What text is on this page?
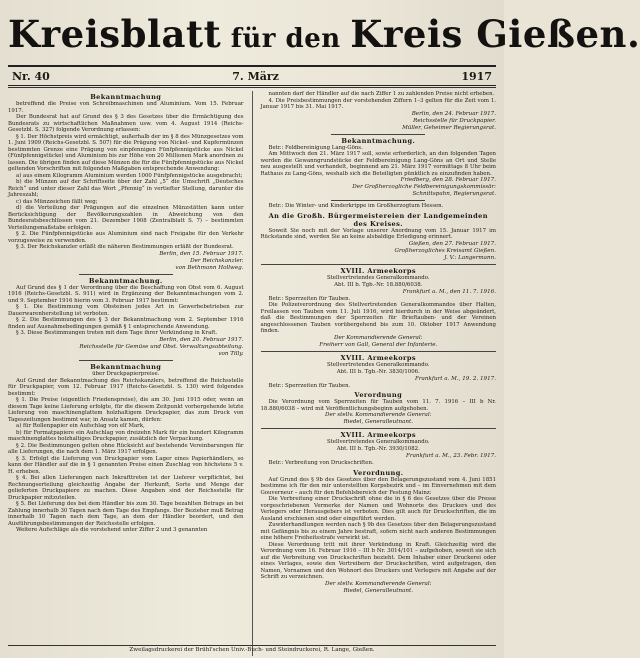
Kreisblatt für den Kreis Gießen.
Nr. 40	7. März	1917
Bekanntmachung

betreffend die Preise von Schreibmaschinen und Aluminium. Vom 15. Februar 1917.

Der Bundesrat hat auf Grund des § 3 des Gesetzes über die Ermächtigung des Bundesrats zu wirtschaftlichen Maßnahmen usw. vom 4. August 1914 (Reichs-Gesetzbl. S. 327) folgende Verordnung erlassen:

§ 1. Der Höchstpreis wird ermächtigt, außerhalb der im § 8 des Münzgesetzes vom 1. Juni 1909 (Reichs-Gesetzbl. S. 507) für die Prägung von Nickel- und Kupfermünzen bestimmten Grenze eine Prägung von einpfennigen Fünfpfennigstücke aus Nickel (Fünfpfennigstücke) und Aluminium bis zur Höhe von 20 Millionen Mark anordnen zu lassen. Die übrigen finden auf diese Münzen die für die Fünfpfennigstücke aus Nickel geltenden Vorschriften mit folgenden Maßgaben entsprechende Anwendung:

a) aus einem Kilogramm Aluminium werden 1000 Fünfpfennigstücke ausgebracht;

b) die Münzen auf der Schriftseite über der Zahl „5“ die Umschrift „Deutsches Reich“ und unter dieser Zahl das Wort „Pfennig“ in vertiefter Stellung, darunter die Jahreszahl;

c) das Münzzeichen fällt weg;

d) die Verteilung der Prägungen auf die einzelnen Münzstätten kann unter Berücksichtigung der Bevölkerungszahlen in Abweichung von den Bundesratsbeschlüssen vom 21. Dezember 1908 (Zentralblatt S. 7) – bestimmten Verteilungsmaßstabe erfolgen.

§ 2. Die Fünfpfennigstücke aus Aluminium sind nach Freigabe für den Verkehr vorzugsweise zu verwenden.

§ 3. Der Reichskanzler erläßt die näheren Bestimmungen erläßt der Bundesrat.

Berlin, den 15. Februar 1917.
Der Reichskanzler.
von Bethmann Hollweg.
Bekanntmachung.

Auf Grund des § 1 der Verordnung über die Beschaffung von Obst vom 6. August 1916 (Reichs-Gesetzbl. S. 911) wird in Ergänzung der Bekanntmachungen vom 2. und 9. September 1916 hierin vom 3. Februar 1917 bestimmt:

§ 1. Die Bestimmung vom Obsteinen jedes Art in Gewerbebetrieben zur Dauerwarenherstellung ist verboten.

§ 2. Die Bestimmungen des § 3 der Bekanntmachung vom 2. September 1916 finden auf Ausnahmebedingungen gemäß § 1 entsprechende Anwendung.

§ 3. Diese Bestimmungen treten mit dem Tage ihrer Verkündung in Kraft.

Berlin, den 20. Februar 1917.
Reichsstelle für Gemüse und Obst. Verwaltungsabteilung.
von Tilly.
Bekanntmachung
über Druckpapierpreise.

Auf Grund der Bekanntmachung des Reichskanzlers, betreffend die Reichsstelle für Druckpapier, vom 12. Februar 1917 (Reichs-Gesetzbl. S. 130) wird folgendes bestimmt:

§ 1. Die Preise (eigentlich Friedenspreise), die am 30. Juni 1915 oder, wenn an diesem Tage keine Lieferung erfolgte, für die diesem Zeitpunkt vorhergehende letzte Lieferung von maschinenglattem holzhaltigem Druckpapier, das zum Druck von Tageszeitungen bestimmt war, in Ansatz kamen, dürfen:

a) für Rollenpapier ein Aufschlag von elf Mark,

b) für Formatpapiere ein Aufschlag von dreizehn Mark für ein hundert Kilogramm maschinenglattes holzhaltiges Druckpapier, zusätzlich der Verpackung.

§ 2. Die Bestimmungen gelten ohne Rücksicht auf bestehende Vereinbarungen für alle Lieferungen, die nach dem 1. März 1917 erfolgen.

§ 3. Erfolgt die Lieferung von Druckpapier vom Lager eines Papierhändlers, so kann der Händler auf die in § 1 genannten Preise einen Zuschlag von höchstens 5 v. H. erheben.

§ 4. Bei allen Lieferungen nach Inkrafttreten ist der Lieferer verpflichtet, bei Rechnungserteilung gleichzeitig Angabe der Herkunft, Sorte und Menge der gelieferten Druckpapiere zu machen. Diese Angaben sind der Reichsstelle für Druckpapier mitzuteilen.

§ 5. Bei Lieferung des bei dem Händler bis zum 30. Tage bezahlten Betrags an bei Zahlung innerhalb 30 Tagen nach dem Tage des Empfangs. Der Bezieher muß Betrag innerhalb 10 Tagen nach dem Tage, an dem der Händler beordert, und den Ausführungsbestimmungen der Reichsstelle erfolgen.

Weitere Aufschläge als die vorstehend unter Ziffer 2 und 3 genannten

nannten darf der Händler auf die nach Ziffer 1 zu zahlenden Preise nicht erheben.

4. Die Preisbestimmungen der vorstehenden Ziffern 1–3 gelten für die Zeit vom 1. Januar 1917 bis 31. Mai 1917.

Berlin, den 24. Februar 1917.
Reichsstelle für Druckpapier.
Müller, Geheimer Regierungsrat.
Bekanntmachung.

Betr.: Feldbereinigung Lang-Göns.

Am Mittwoch den 21. März 1917 soll, sowie erforderlich, an den folgenden Tagen werden die Gewanngrundstücke der Feldbereinigung Lang-Göns an Ort und Stelle neu ausgestellt und verhandelt, beginnend am 21. März 1917 vormittags 8 Uhr beim Rathaus zu Lang-Göns, weshalb sich die Beteiligten pünktlich zu einzufinden haben.

Friedberg, den 28. Februar 1917.
Der Großherzogliche Feldbereinigungskommissär:
Schnittspahn, Regierungsrat.

Betr.: Die Winter- und Kinderkrippe im Großherzogtum Hessen.

An die Großh. Bürgermeistereien der Landgemeinden des Kreises.

Soweit Sie noch mit der Vorlage unserer Anordnung vom 15. Januar 1917 im Rückstande sind, werden Sie an keine alsbaldige Erledigung erinnert.

Gießen, den 27. Februar 1917.
Großherzogliches Kreisamt Gießen.
J. V.: Langermann.
XVIII. Armeekorps
Stellvertretendes Generalkommando.
Abt. III b. Tgb.-Nr. 18.880/6038.
Frankfurt a. M., den 11. 7. 1916.

Betr.: Sperrzeiten für Tauben.

Die Polizeiverordnung des Stellvertretenden Generalkommandos über Halten, Freilassen von Tauben vom 11. Juli 1916, wird hierdurch in der Weise abgeändert, daß die Bestimmungen der Sperrzeiten für Brieftauben- und der Vereinen angeschlossenen Tauben vorübergehend bis zum 10. Oktober 1917 Anwendung finden.

Der Kommandierende General:
Freiherr von Gall, General der Infanterie.
XVIII. Armeekorps
Stellvertretendes Generalkommando.
Abt. III b. Tgb.-Nr. 3830/1006.
Frankfurt a. M., 19. 2. 1917.

Betr.: Sperrzeiten für Tauben.

Verordnung

Die Verordnung vom Sperrzeiten für Tauben vom 11. 7. 1916 – III b Nr. 18.880/6038 – wird mit Veröffentlichungsbeginn aufgehoben.

Der stellv. Kommandierende General:
Riedel, Generalleutnant.
XVIII. Armeekorps
Stellvertretendes Generalkommando.
Abt. III b. Tgb.-Nr. 3930/1082.
Frankfurt a. M., 23. Febr. 1917.

Betr.: Verbreitung von Druckschriften.

Verordnung.

Auf Grund des § 9b des Gesetzes über den Belagerungszustand vom 4. Juni 1851 bestimme ich für den mir unterstellten Korpsbezirk und – im Einvernehmen mit dem Gouverneur – auch für den Befehlsbereich der Festung Mainz:

Die Verbreitung einer Druckschrift ohne die in § 6 des Gesetzes über die Presse vorgeschriebenen Vermerke der Namen und Wohnorte des Druckers und des Verlegers oder Herausgebers ist verboten. Dies gilt auch für Druckschriften, die im Ausland erschienen sind oder eingeführt werden.

Zuwiderhandlungen werden nach § 9b des Gesetzes über den Belagerungszustand mit Gefängnis bis zu einem Jahre bestraft, sofern nicht nach anderen Bestimmungen eine höhere Freiheitsstrafe verwirkt ist.

Diese Verordnung tritt mit ihrer Verkündung in Kraft. Gleichzeitig wird die Verordnung vom 16. Februar 1916 – III b Nr. 3014/101 – aufgehoben, soweit sie sich auf die Verbreitung von Druckschriften bezieht. Dem Inhaber einer Druckerei oder eines Verlages, sowie den Vertreibern der Druckschriften, wird aufgetragen, den Namen, Vornamen und den Wohnort des Druckers und Verlegers mit Angabe auf der Schrift zu verzeichnen.

Der stellv. Kommandierende General:
Riedel, Generalleutnant.
Zweilagsdruckerei der Brühl'schen Univ.-Buch- und Steindruckerei, R. Lange, Gießen.
